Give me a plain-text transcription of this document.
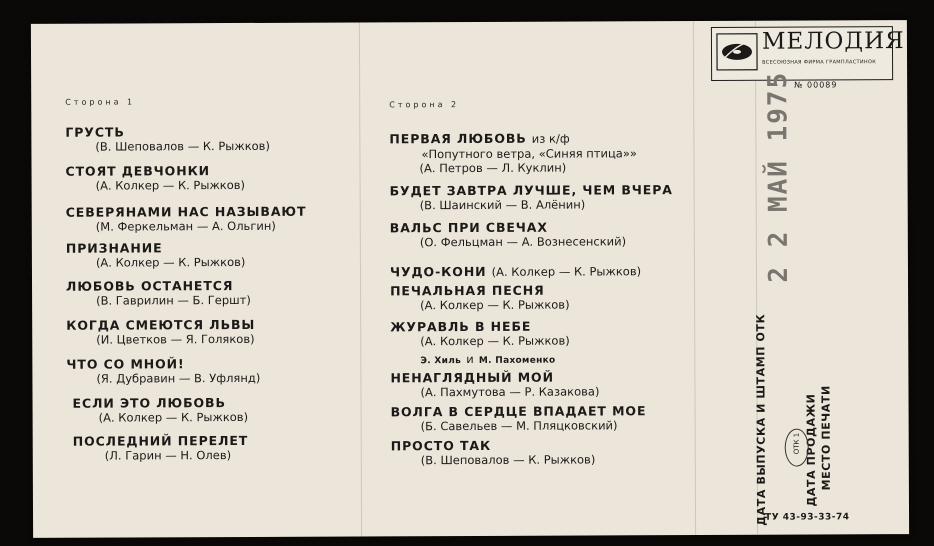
Сторона 1
ГРУСТЬ
(В. Шеповалов — К. Рыжков)
СТОЯТ ДЕВЧОНКИ
(А. Колкер — К. Рыжков)
СЕВЕРЯНАМИ НАС НАЗЫВАЮТ
(М. Феркельман — А. Ольгин)
ПРИЗНАНИЕ
(А. Колкер — К. Рыжков)
ЛЮБОВЬ ОСТАНЕТСЯ
(В. Гаврилин — Б. Гершт)
КОГДА СМЕЮТСЯ ЛЬВЫ
(И. Цветков — Я. Голяков)
ЧТО СО МНОЙ!
(Я. Дубравин — В. Уфлянд)
ЕСЛИ ЭТО ЛЮБОВЬ
(А. Колкер — К. Рыжков)
ПОСЛЕДНИЙ ПЕРЕЛЕТ
(Л. Гарин — Н. Олев)
Сторона 2
ПЕРВАЯ ЛЮБОВЬ из к/ф
«Попутного ветра, «Синяя птица»»
(А. Петров — Л. Куклин)
БУДЕТ ЗАВТРА ЛУЧШЕ, ЧЕМ ВЧЕРА
(В. Шаинский — В. Алёнин)
ВАЛЬС ПРИ СВЕЧАХ
(О. Фельцман — А. Вознесенский)
ЧУДО-КОНИ (А. Колкер — К. Рыжков)
ПЕЧАЛЬНАЯ ПЕСНЯ
(А. Колкер — К. Рыжков)
ЖУРАВЛЬ В НЕБЕ
(А. Колкер — К. Рыжков)
Э. Хиль и М. Пахоменко
НЕНАГЛЯДНЫЙ МОЙ
(А. Пахмутова — Р. Казакова)
ВОЛГА В СЕРДЦЕ ВПАДАЕТ МОЕ
(Б. Савельев — М. Пляцковский)
ПРОСТО ТАК
(В. Шеповалов — К. Рыжков)
МЕЛОДИЯ
ВСЕСОЮЗНАЯ ФИРМА ГРАМПЛАСТИНОК
№ 00089
2 2 МАЙ 1975
ДАТА ВЫПУСКА И ШТАМП ОТК	ДАТА ПРОДАЖИ МЕСТО ПЕЧАТИ
ОТК 1
ТУ 43-93-33-74
